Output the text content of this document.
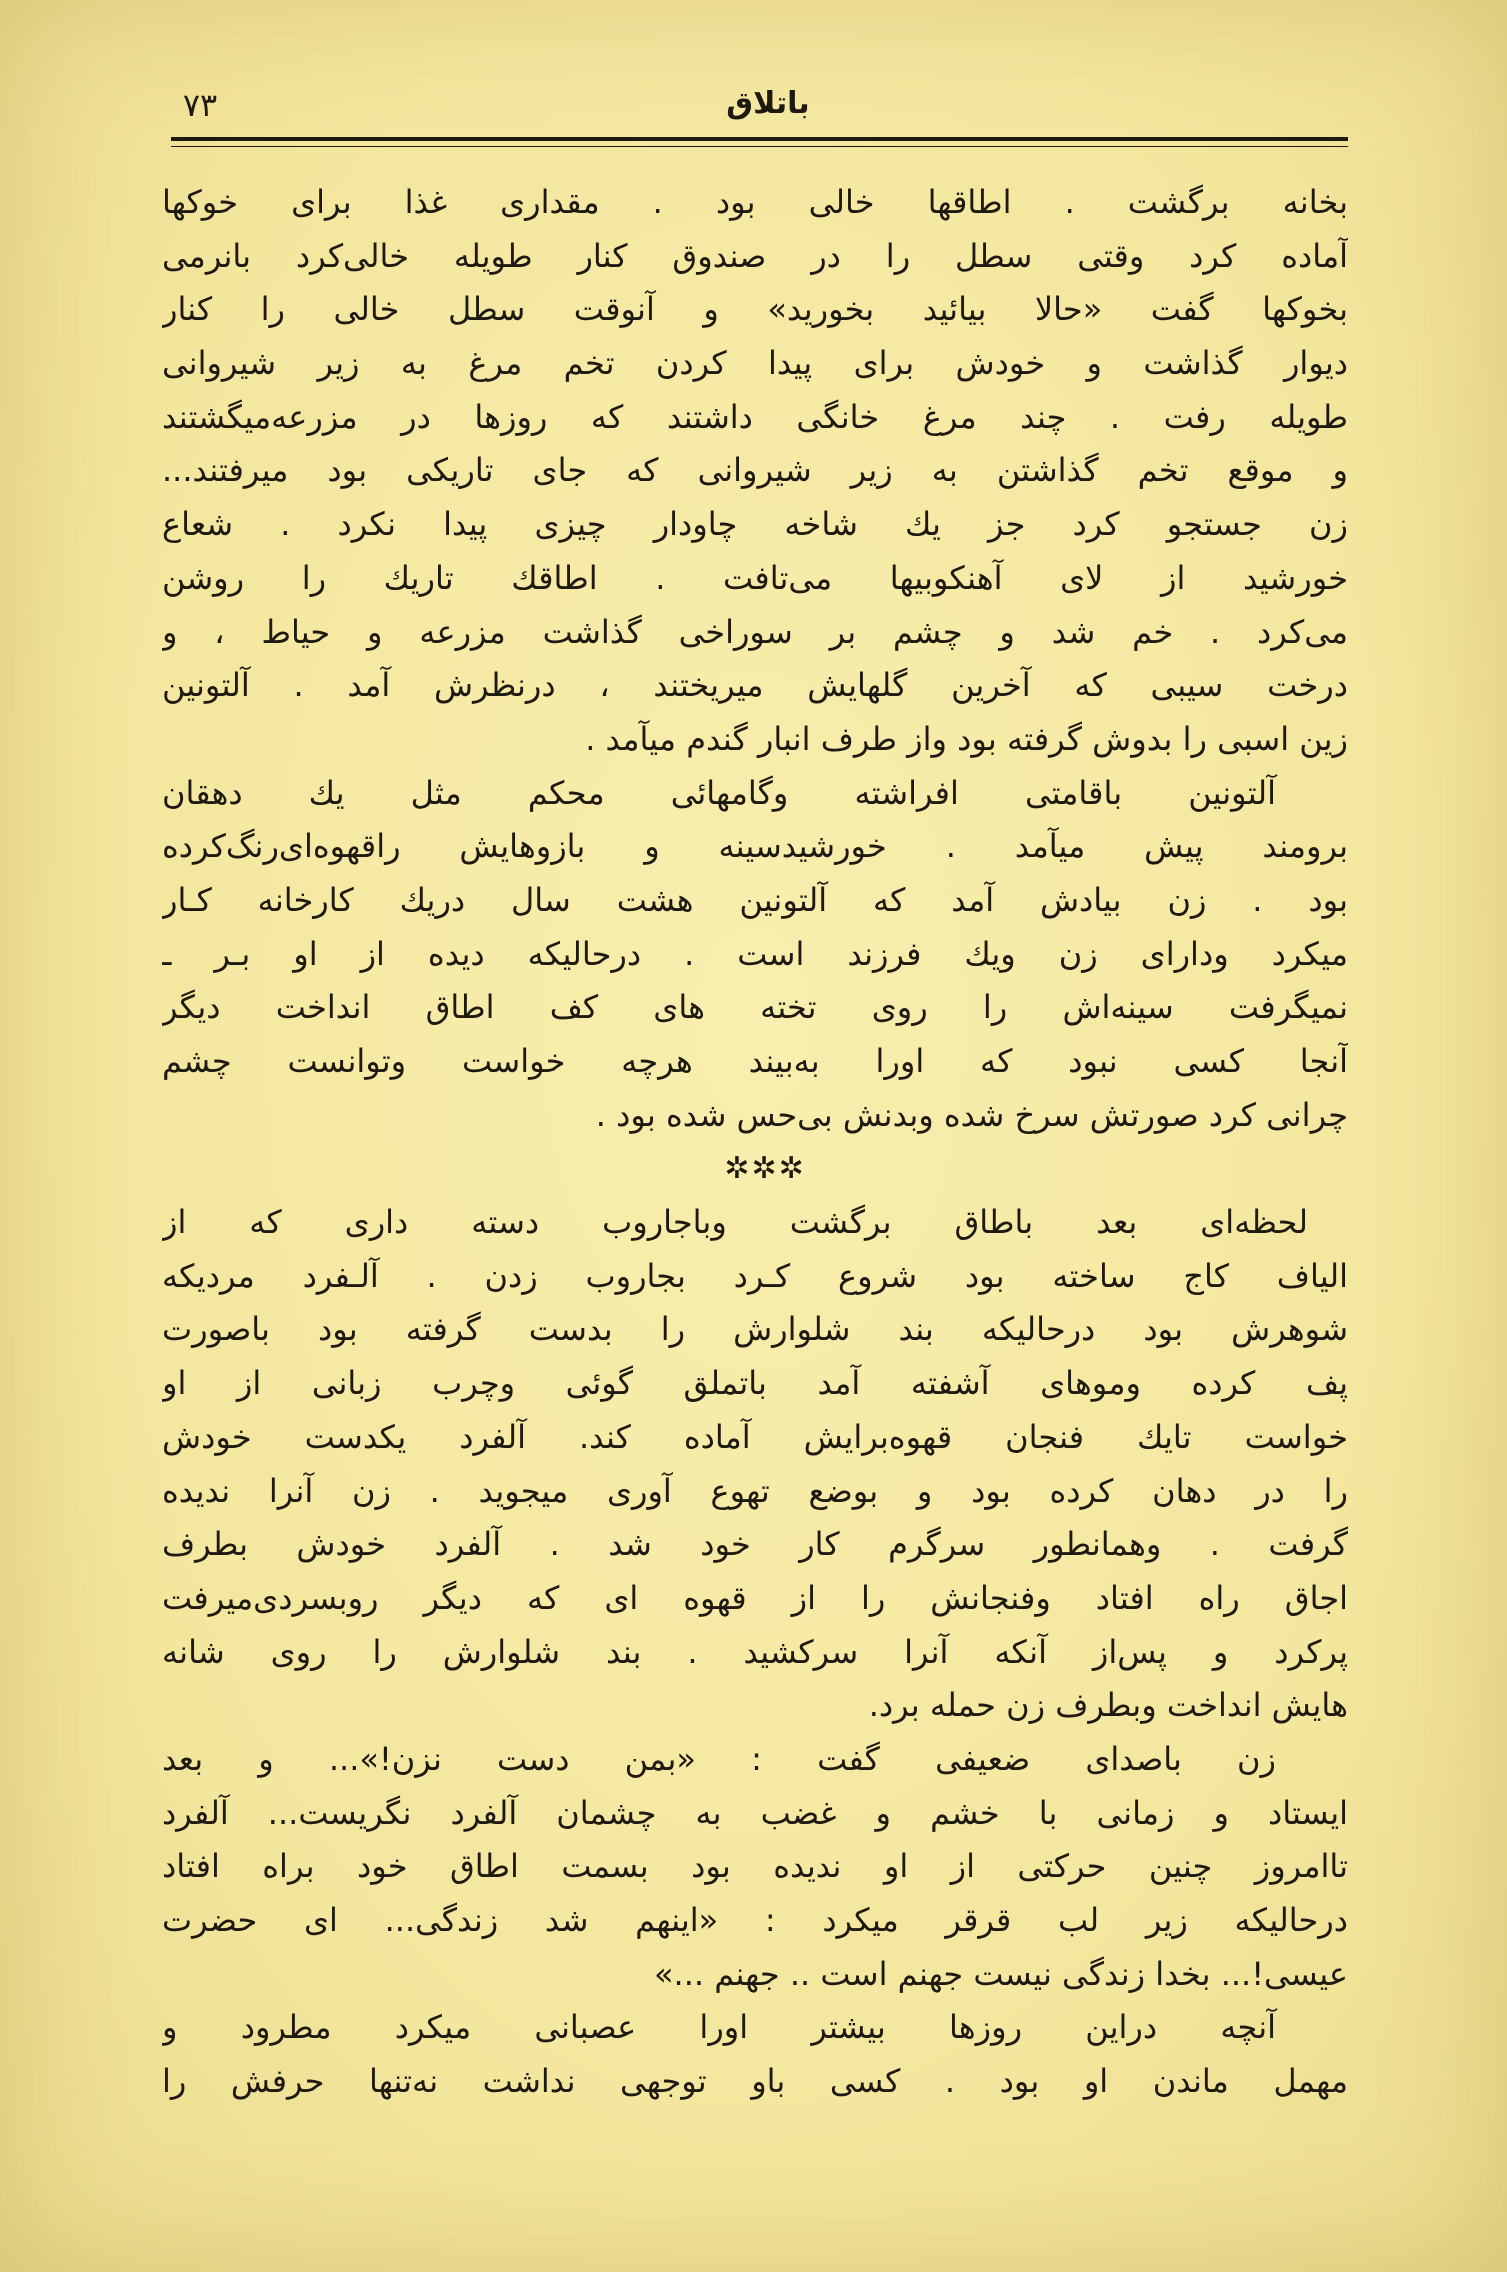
۷۳	باتلاق
بخانه برگشت . اطاقها خالی بود . مقداری غذا برای خوکها
آماده کرد وقتی سطل را در صندوق کنار طویله خالی‌کرد بانرمی
بخوکها گفت «حالا بیائید بخورید» و آنوقت سطل خالی را کنار
دیوار گذاشت و خودش برای پیدا کردن تخم مرغ به زیر شیروانی
طویله رفت . چند مرغ خانگی داشتند که روزها در مزرعه‌میگشتند
و موقع تخم گذاشتن به زیر شیروانی که جای تاریکی بود میرفتند...
زن جستجو کرد جز یك شاخه چاودار چیزی پیدا نکرد . شعاع
خورشید از لای آهنکوبیها می‌تافت . اطاقك تاریك را روشن
می‌کرد . خم شد و چشم بر سوراخی گذاشت مزرعه و حیاط ، و
درخت سیبی که آخرین گلهایش میریختند ، درنظرش آمد . آلتونین
زین اسبی را بدوش گرفته بود واز طرف انبار گندم میآمد .
آلتونین باقامتی افراشته وگامهائی محکم مثل یك دهقان
برومند پیش میآمد . خورشیدسینه و بازوهایش راقهوه‌ای‌رنگ‌کرده
بود . زن بیادش آمد که آلتونین هشت سال دریك کارخانه کـار
میکرد ودارای زن ویك فرزند است . درحالیکه دیده از او بـر ـ
نمیگرفت سینه‌اش را روی تخته های کف اطاق انداخت دیگر
آنجا کسی نبود که اورا به‌بیند هرچه خواست وتوانست چشم
چرانی کرد صورتش سرخ شده وبدنش بی‌حس شده بود .
✲✲✲
لحظه‌ای بعد باطاق برگشت وباجاروب دسته داری که از
الیاف کاج ساخته بود شروع کـرد بجاروب زدن . آلـفرد مردیکه
شوهرش بود درحالیکه بند شلوارش را بدست گرفته بود باصورت
پف کرده وموهای آشفته آمد باتملق گوئی وچرب زبانی از او
خواست تایك فنجان قهوه‌برایش آماده کند. آلفرد یکدست خودش
را در دهان کرده بود و بوضع تهوع آوری میجوید . زن آنرا ندیده
گرفت . وهمانطور سرگرم کار خود شد . آلفرد خودش بطرف
اجاق راه افتاد وفنجانش را از قهوه ای که دیگر روبسردی‌میرفت
پرکرد و پس‌از آنکه آنرا سرکشید . بند شلوارش را روی شانه
هایش انداخت وبطرف زن حمله برد.
زن باصدای ضعیفی گفت : «بمن دست نزن!»... و بعد
ایستاد و زمانی با خشم و غضب به چشمان آلفرد نگریست... آلفرد
تاامروز چنین حرکتی از او ندیده بود بسمت اطاق خود براه افتاد
درحالیکه زیر لب قرقر میکرد : «اینهم شد زندگی... ای حضرت
عیسی!... بخدا زندگی نیست جهنم است .. جهنم ...»
آنچه دراین روزها بیشتر اورا عصبانی میکرد مطرود و
مهمل ماندن او بود . کسی باو توجهی نداشت نه‌تنها حرفش را
